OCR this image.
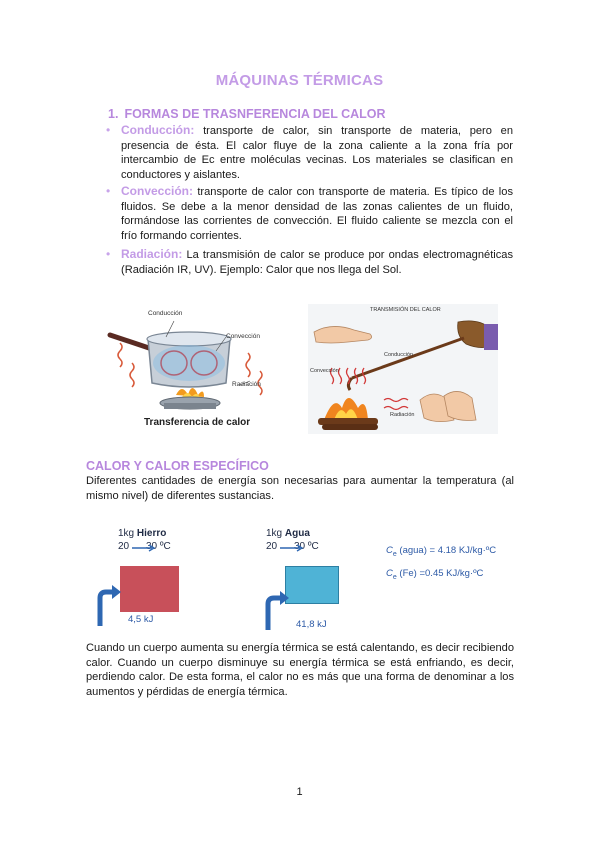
MÁQUINAS TÉRMICAS
1. FORMAS DE TRASNFERENCIA DEL CALOR
• Conducción: transporte de calor, sin transporte de materia, pero en presencia de ésta. El calor fluye de la zona caliente a la zona fría por intercambio de Ec entre moléculas vecinas. Los materiales se clasifican en conductores y aislantes.
• Convección: transporte de calor con transporte de materia. Es típico de los fluidos. Se debe a la menor densidad de las zonas calientes de un fluido, formándose las corrientes de convección. El fluido caliente se mezcla con el frío formando corrientes.
• Radiación: La transmisión de calor se produce por ondas electromagnéticas (Radiación IR, UV). Ejemplo: Calor que nos llega del Sol.
Conducción
Convección
Radiación
Transferencia de calor
TRANSMISIÓN DEL CALOR
Conducción
Convección
Radiación
CALOR Y CALOR ESPECÍFICO
Diferentes cantidades de energía son necesarias para aumentar la temperatura (al mismo nivel) de diferentes sustancias.
1kg Hierro
20 30 ºC
4,5 kJ
1kg Agua
20 30 ºC
41,8 kJ
$C_e$ (agua) = 4.18 KJ/kg·ºC
$C_e$ (Fe) =0.45 KJ/kg·ºC
Cuando un cuerpo aumenta su energía térmica se está calentando, es decir recibiendo calor. Cuando un cuerpo disminuye su energía térmica se está enfriando, es decir, perdiendo calor. De esta forma, el calor no es más que una forma de denominar a los aumentos y pérdidas de energía térmica.
1
